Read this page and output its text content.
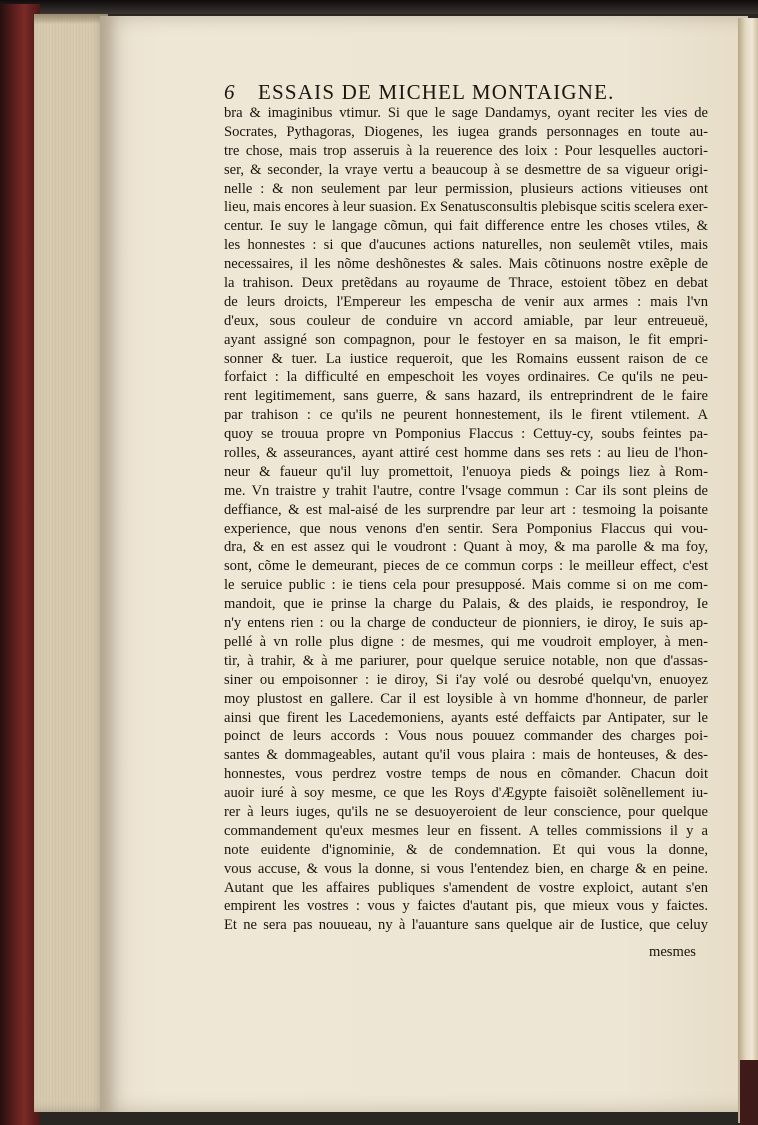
6 ESSAIS DE MICHEL MONTAIGNE.
bra & imaginibus vtimur. Si que le sage Dandamys, oyant reciter les vies de
Socrates, Pythagoras, Diogenes, les iugea grands personnages en toute au-
tre chose, mais trop asseruis à la reuerence des loix : Pour lesquelles auctori-
ser, & seconder, la vraye vertu a beaucoup à se desmettre de sa vigueur origi-
nelle : & non seulement par leur permission, plusieurs actions vitieuses ont
lieu, mais encores à leur suasion. Ex Senatusconsultis plebisque scitis scelera exer-
centur. Ie suy le langage cõmun, qui fait difference entre les choses vtiles, &
les honnestes : si que d'aucunes actions naturelles, non seulemẽt vtiles, mais
necessaires, il les nõme deshõnestes & sales. Mais cõtinuons nostre exẽple de
la trahison. Deux pretẽdans au royaume de Thrace, estoient tõbez en debat
de leurs droicts, l'Empereur les empescha de venir aux armes : mais l'vn
d'eux, sous couleur de conduire vn accord amiable, par leur entreueuë,
ayant assigné son compagnon, pour le festoyer en sa maison, le fit empri-
sonner & tuer. La iustice requeroit, que les Romains eussent raison de ce
forfaict : la difficulté en empeschoit les voyes ordinaires. Ce qu'ils ne peu-
rent legitimement, sans guerre, & sans hazard, ils entreprindrent de le faire
par trahison : ce qu'ils ne peurent honnestement, ils le firent vtilement. A
quoy se trouua propre vn Pomponius Flaccus : Cettuy-cy, soubs feintes pa-
rolles, & asseurances, ayant attiré cest homme dans ses rets : au lieu de l'hon-
neur & faueur qu'il luy promettoit, l'enuoya pieds & poings liez à Rom-
me. Vn traistre y trahit l'autre, contre l'vsage commun : Car ils sont pleins de
deffiance, & est mal-aisé de les surprendre par leur art : tesmoing la poisante
experience, que nous venons d'en sentir. Sera Pomponius Flaccus qui vou-
dra, & en est assez qui le voudront : Quant à moy, & ma parolle & ma foy,
sont, cõme le demeurant, pieces de ce commun corps : le meilleur effect, c'est
le seruice public : ie tiens cela pour presupposé. Mais comme si on me com-
mandoit, que ie prinse la charge du Palais, & des plaids, ie respondroy, Ie
n'y entens rien : ou la charge de conducteur de pionniers, ie diroy, Ie suis ap-
pellé à vn rolle plus digne : de mesmes, qui me voudroit employer, à men-
tir, à trahir, & à me pariurer, pour quelque seruice notable, non que d'assas-
siner ou empoisonner : ie diroy, Si i'ay volé ou desrobé quelqu'vn, enuoyez
moy plustost en gallere. Car il est loysible à vn homme d'honneur, de parler
ainsi que firent les Lacedemoniens, ayants esté deffaicts par Antipater, sur le
poinct de leurs accords : Vous nous pouuez commander des charges poi-
santes & dommageables, autant qu'il vous plaira : mais de honteuses, & des-
honnestes, vous perdrez vostre temps de nous en cõmander. Chacun doit
auoir iuré à soy mesme, ce que les Roys d'Ægypte faisoiẽt solẽnellement iu-
rer à leurs iuges, qu'ils ne se desuoyeroient de leur conscience, pour quelque
commandement qu'eux mesmes leur en fissent. A telles commissions il y a
note euidente d'ignominie, & de condemnation. Et qui vous la donne,
vous accuse, & vous la donne, si vous l'entendez bien, en charge & en peine.
Autant que les affaires publiques s'amendent de vostre exploict, autant s'en
empirent les vostres : vous y faictes d'autant pis, que mieux vous y faictes.
Et ne sera pas nouueau, ny à l'auanture sans quelque air de Iustice, que celuy
mesmes
